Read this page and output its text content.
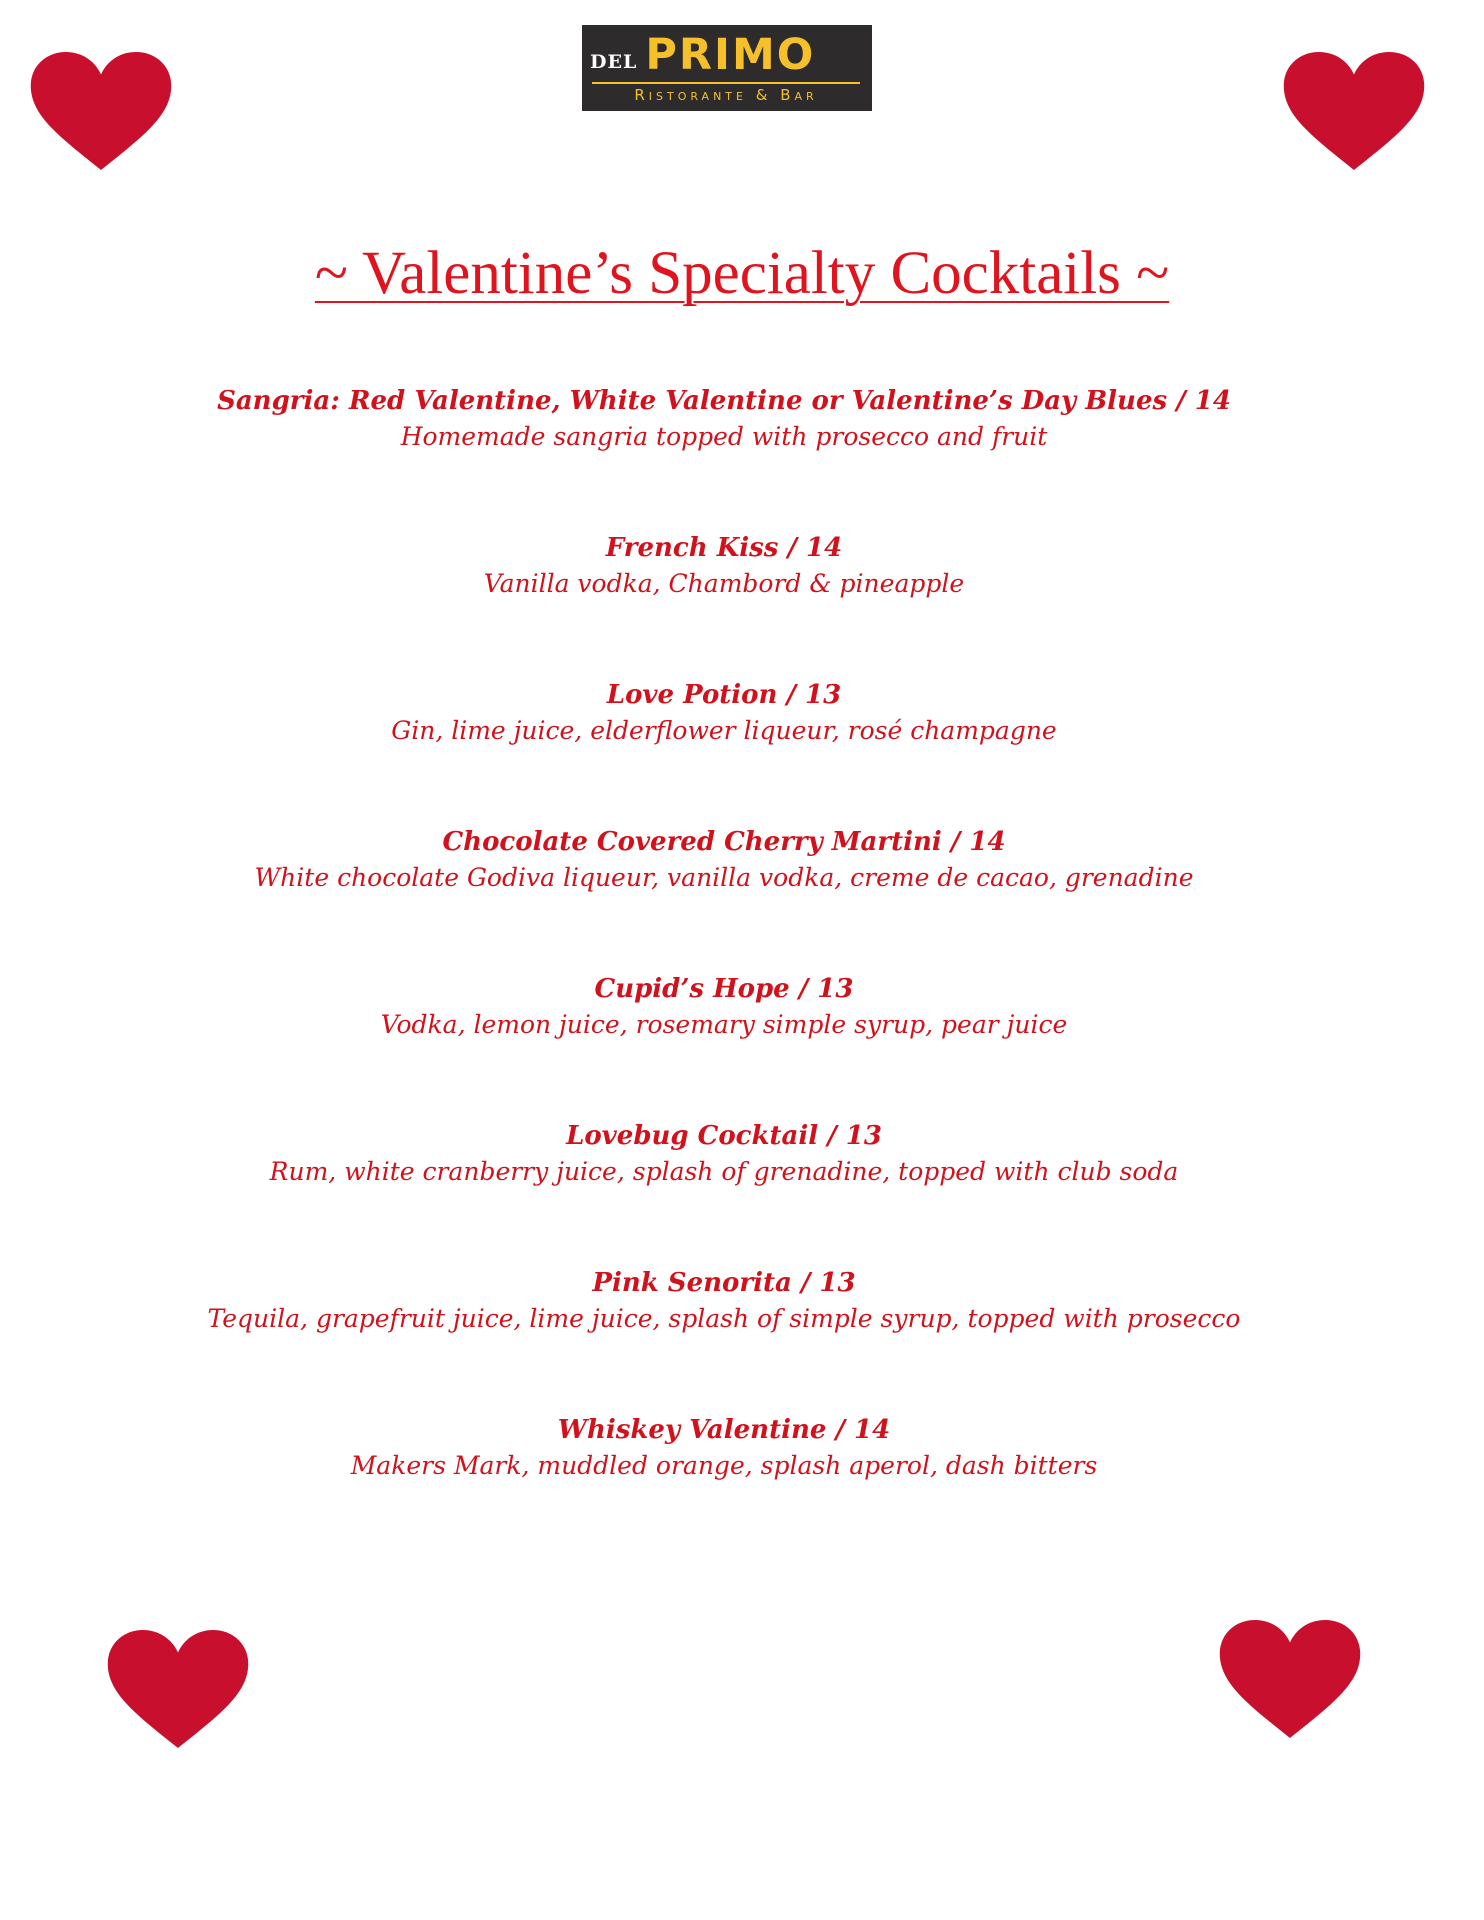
DEL PRIMO
Ristorante & Bar
~ Valentine’s Specialty Cocktails ~
Sangria: Red Valentine, White Valentine or Valentine’s Day Blues / 14
Homemade sangria topped with prosecco and fruit
French Kiss / 14
Vanilla vodka, Chambord & pineapple
Love Potion / 13
Gin, lime juice, elderflower liqueur, rosé champagne
Chocolate Covered Cherry Martini / 14
White chocolate Godiva liqueur, vanilla vodka, creme de cacao, grenadine
Cupid’s Hope / 13
Vodka, lemon juice, rosemary simple syrup, pear juice
Lovebug Cocktail / 13
Rum, white cranberry juice, splash of grenadine, topped with club soda
Pink Senorita / 13
Tequila, grapefruit juice, lime juice, splash of simple syrup, topped with prosecco
Whiskey Valentine / 14
Makers Mark, muddled orange, splash aperol, dash bitters
